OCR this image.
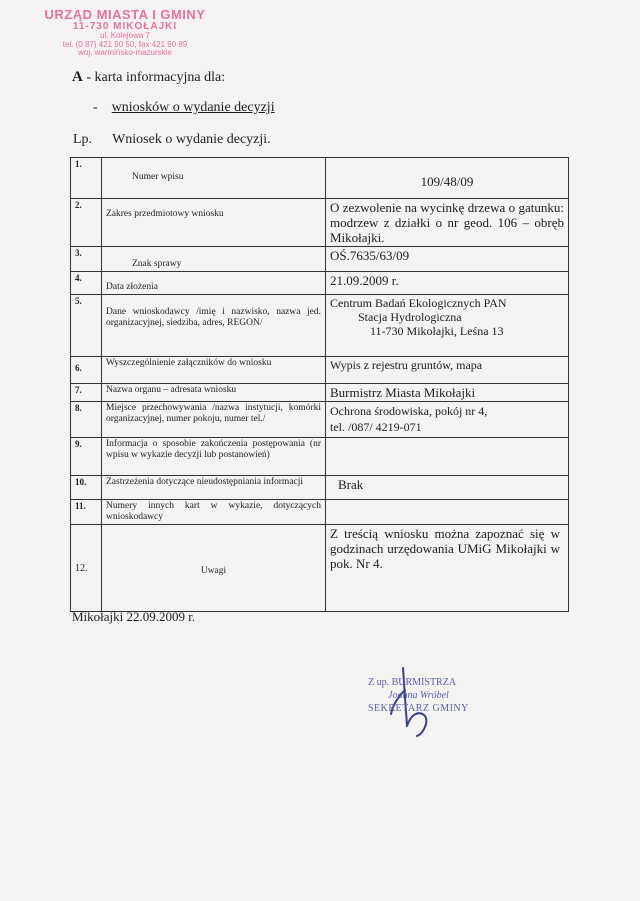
URZĄD MIASTA I GMINY
11-730 MIKOŁAJKI
ul. Kolejowa 7
tel. (0 87) 421 90 50, fax 421 90 89
woj. warmińsko-mazurskie
A - karta informacyjna dla:
- wniosków o wydanie decyzji
Lp. Wniosek o wydanie decyzji.
1.	Numer wpisu	109/48/09
2.	Zakres przedmiotowy wniosku	O zezwolenie na wycinkę drzewa o gatunku: modrzew z działki o nr geod. 106 – obręb Mikołajki.
3.	Znak sprawy	OŚ.7635/63/09
4.	Data złożenia	21.09.2009 r.
5.	Dane wnioskodawcy /imię i nazwisko, nazwa jed. organizacyjnej, siedziba, adres, REGON/	Centrum Badań Ekologicznych PAN
Stacja Hydrologiczna
11-730 Mikołajki, Leśna 13

6.	Wyszczególnienie załączników do wniosku	Wypis z rejestru gruntów, mapa
7.	Nazwa organu – adresata wniosku	Burmistrz Miasta Mikołajki
8.	Miejsce przechowywania /nazwa instytucji, komórki organizacyjnej, numer pokoju, numer tel./	Ochrona środowiska, pokój nr 4,
tel. /087/ 4219-071

9.	Informacja o sposobie zakończenia postępowania (nr wpisu w wykazie decyzji lub postanowień)	
10.	Zastrzeżenia dotyczące nieudostępniania informacji	Brak
11.	Numery innych kart w wykazie, dotyczących wnioskodawcy	
12.	Uwagi	Z treścią wniosku można zapoznać się w godzinach urzędowania UMiG Mikołajki w pok. Nr 4.
Mikołajki 22.09.2009 r.
Z up. BURMISTRZA
Joanna Wróbel
SEKRETARZ GMINY
